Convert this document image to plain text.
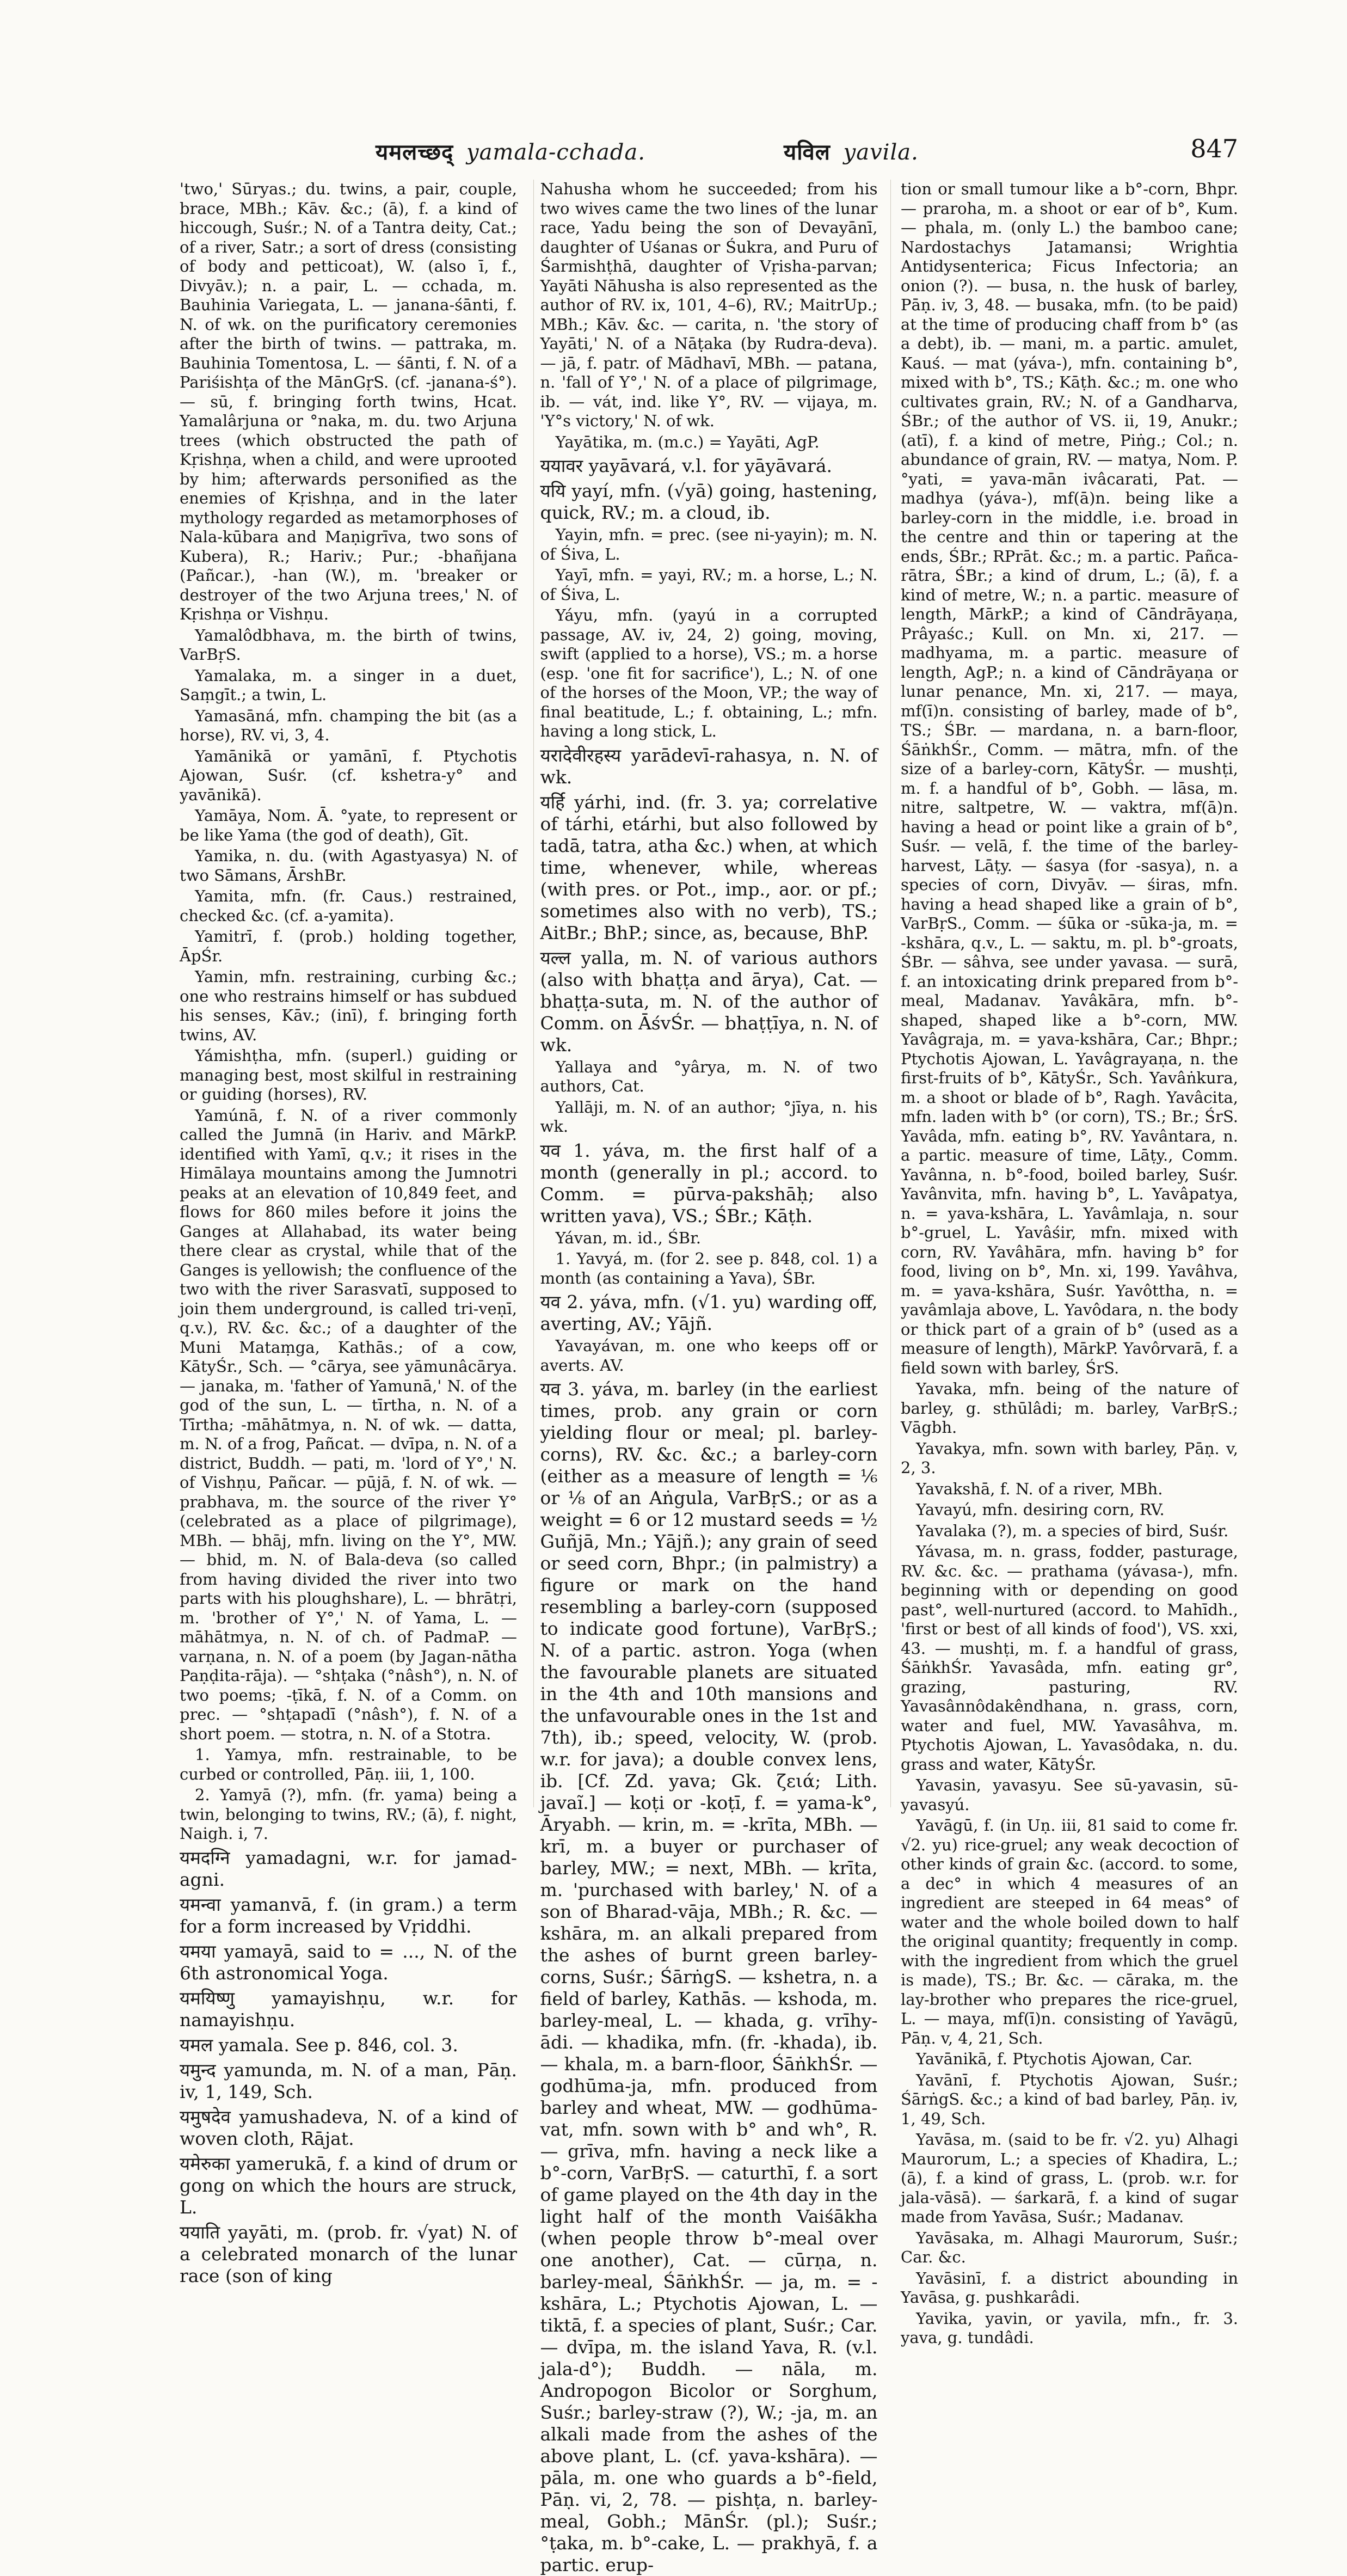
यमलच्छद् yamala-cchada.	यविल yavila.	847

'two,' Sūryas.; du. twins, a pair, couple, brace, MBh.; Kāv. &c.; (ā), f. a kind of hiccough, Suśr.; N. of a Tantra deity, Cat.; of a river, Satr.; a sort of dress (consisting of body and petticoat), W. (also ī, f., Divyāv.); n. a pair, L. — cchada, m. Bauhinia Variegata, L. — janana-śānti, f. N. of wk. on the purificatory ceremonies after the birth of twins. — pattraka, m. Bauhinia Tomentosa, L. — śānti, f. N. of a Pariśishṭa of the MānGṛS. (cf. -janana-ś°). — sū, f. bringing forth twins, Hcat. Yamalârjuna or °naka, m. du. two Arjuna trees (which obstructed the path of Kṛishṇa, when a child, and were uprooted by him; afterwards personified as the enemies of Kṛishṇa, and in the later mythology regarded as metamorphoses of Nala-kūbara and Maṇigrīva, two sons of Kubera), R.; Hariv.; Pur.; -bhañjana (Pañcar.), -han (W.), m. 'breaker or destroyer of the two Arjuna trees,' N. of Kṛishṇa or Vishṇu.

Yamalôdbhava, m. the birth of twins, VarBṛS.

Yamalaka, m. a singer in a duet, Saṃgīt.; a twin, L.

Yamasāná, mfn. champing the bit (as a horse), RV. vi, 3, 4.

Yamānikā or yamānī, f. Ptychotis Ajowan, Suśr. (cf. kshetra-y° and yavānikā).

Yamāya, Nom. Ā. °yate, to represent or be like Yama (the god of death), Gīt.

Yamika, n. du. (with Agastyasya) N. of two Sāmans, ĀrshBr.

Yamita, mfn. (fr. Caus.) restrained, checked &c. (cf. a-yamita).

Yamitrī, f. (prob.) holding together, ĀpŚr.

Yamin, mfn. restraining, curbing &c.; one who restrains himself or has subdued his senses, Kāv.; (inī), f. bringing forth twins, AV.

Yámishṭha, mfn. (superl.) guiding or managing best, most skilful in restraining or guiding (horses), RV.

Yamúnā, f. N. of a river commonly called the Jumnā (in Hariv. and MārkP. identified with Yamī, q.v.; it rises in the Himālaya mountains among the Jumnotri peaks at an elevation of 10,849 feet, and flows for 860 miles before it joins the Ganges at Allahabad, its water being there clear as crystal, while that of the Ganges is yellowish; the confluence of the two with the river Sarasvatī, supposed to join them underground, is called tri-veṇī, q.v.), RV. &c. &c.; of a daughter of the Muni Mataṃga, Kathās.; of a cow, KātyŚr., Sch. — °cārya, see yāmunâcārya. — janaka, m. 'father of Yamunā,' N. of the god of the sun, L. — tīrtha, n. N. of a Tīrtha; -māhātmya, n. N. of wk. — datta, m. N. of a frog, Pañcat. — dvīpa, n. N. of a district, Buddh. — pati, m. 'lord of Y°,' N. of Vishṇu, Pañcar. — pūjā, f. N. of wk. — prabhava, m. the source of the river Y° (celebrated as a place of pilgrimage), MBh. — bhāj, mfn. living on the Y°, MW. — bhid, m. N. of Bala-deva (so called from having divided the river into two parts with his ploughshare), L. — bhrātṛi, m. 'brother of Y°,' N. of Yama, L. — māhātmya, n. N. of ch. of PadmaP. — varṇana, n. N. of a poem (by Jagan-nātha Paṇḍita-rāja). — °shṭaka (°nâsh°), n. N. of two poems; -ṭīkā, f. N. of a Comm. on prec. — °shṭapadī (°nâsh°), f. N. of a short poem. — stotra, n. N. of a Stotra.

1. Yamya, mfn. restrainable, to be curbed or controlled, Pāṇ. iii, 1, 100.

2. Yamyā (?), mfn. (fr. yama) being a twin, belonging to twins, RV.; (ā), f. night, Naigh. i, 7.

यमदग्नि yamadagni, w.r. for jamad-agni.

यमन्वा yamanvā, f. (in gram.) a term for a form increased by Vṛiddhi.

यमया yamayā, said to = ..., N. of the 6th astronomical Yoga.

यमयिष्णु yamayishṇu, w.r. for namayishṇu.

यमल yamala. See p. 846, col. 3.

यमुन्द yamunda, m. N. of a man, Pāṇ. iv, 1, 149, Sch.

यमुषदेव yamushadeva, N. of a kind of woven cloth, Rājat.

यमेरुका yamerukā, f. a kind of drum or gong on which the hours are struck, L.

ययाति yayāti, m. (prob. fr. √yat) N. of a celebrated monarch of the lunar race (son of king

Nahusha whom he succeeded; from his two wives came the two lines of the lunar race, Yadu being the son of Devayānī, daughter of Uśanas or Śukra, and Puru of Śarmishṭhā, daughter of Vṛisha-parvan; Yayāti Nāhusha is also represented as the author of RV. ix, 101, 4–6), RV.; MaitrUp.; MBh.; Kāv. &c. — carita, n. 'the story of Yayāti,' N. of a Nāṭaka (by Rudra-deva). — jā, f. patr. of Mādhavī, MBh. — patana, n. 'fall of Y°,' N. of a place of pilgrimage, ib. — vát, ind. like Y°, RV. — vijaya, m. 'Y°s victory,' N. of wk.

Yayātika, m. (m.c.) = Yayāti, AgP.

ययावर yayāvará, v.l. for yāyāvará.

ययि yayí, mfn. (√yā) going, hastening, quick, RV.; m. a cloud, ib.

Yayin, mfn. = prec. (see ni-yayin); m. N. of Śiva, L.

Yayī, mfn. = yayi, RV.; m. a horse, L.; N. of Śiva, L.

Yáyu, mfn. (yayú in a corrupted passage, AV. iv, 24, 2) going, moving, swift (applied to a horse), VS.; m. a horse (esp. 'one fit for sacrifice'), L.; N. of one of the horses of the Moon, VP.; the way of final beatitude, L.; f. obtaining, L.; mfn. having a long stick, L.

यरादेवीरहस्य yarādevī-rahasya, n. N. of wk.

यर्हि yárhi, ind. (fr. 3. ya; correlative of tárhi, etárhi, but also followed by tadā, tatra, atha &c.) when, at which time, whenever, while, whereas (with pres. or Pot., imp., aor. or pf.; sometimes also with no verb), TS.; AitBr.; BhP.; since, as, because, BhP.

यल्ल yalla, m. N. of various authors (also with bhaṭṭa and ārya), Cat. — bhaṭṭa-suta, m. N. of the author of Comm. on ĀśvŚr. — bhaṭṭīya, n. N. of wk.

Yallaya and °yârya, m. N. of two authors, Cat.

Yallāji, m. N. of an author; °jīya, n. his wk.

यव 1. yáva, m. the first half of a month (generally in pl.; accord. to Comm. = pūrva-pakshāḥ; also written yava), VS.; ŚBr.; Kāṭh.

Yávan, m. id., ŚBr.

1. Yavyá, m. (for 2. see p. 848, col. 1) a month (as containing a Yava), ŚBr.

यव 2. yáva, mfn. (√1. yu) warding off, averting, AV.; Yājñ.

Yavayávan, m. one who keeps off or averts. AV.

यव 3. yáva, m. barley (in the earliest times, prob. any grain or corn yielding flour or meal; pl. barley-corns), RV. &c. &c.; a barley-corn (either as a measure of length = ⅙ or ⅛ of an Aṅgula, VarBṛS.; or as a weight = 6 or 12 mustard seeds = ½ Guñjā, Mn.; Yājñ.); any grain of seed or seed corn, Bhpr.; (in palmistry) a figure or mark on the hand resembling a barley-corn (supposed to indicate good fortune), VarBṛS.; N. of a partic. astron. Yoga (when the favourable planets are situated in the 4th and 10th mansions and the unfavourable ones in the 1st and 7th), ib.; speed, velocity, W. (prob. w.r. for java); a double convex lens, ib. [Cf. Zd. yava; Gk. ζειά; Lith. javaĩ.] — koṭi or -koṭī, f. = yama-k°, Āryabh. — krin, m. = -krīta, MBh. — krī, m. a buyer or purchaser of barley, MW.; = next, MBh. — krīta, m. 'purchased with barley,' N. of a son of Bharad-vāja, MBh.; R. &c. — kshāra, m. an alkali prepared from the ashes of burnt green barley-corns, Suśr.; ŚārṅgS. — kshetra, n. a field of barley, Kathās. — kshoda, m. barley-meal, L. — khada, g. vrīhy-ādi. — khadika, mfn. (fr. -khada), ib. — khala, m. a barn-floor, ŚāṅkhŚr. — godhūma-ja, mfn. produced from barley and wheat, MW. — godhūma-vat, mfn. sown with b° and wh°, R. — grīva, mfn. having a neck like a b°-corn, VarBṛS. — caturthī, f. a sort of game played on the 4th day in the light half of the month Vaiśākha (when people throw b°-meal over one another), Cat. — cūrṇa, n. barley-meal, ŚāṅkhŚr. — ja, m. = -kshāra, L.; Ptychotis Ajowan, L. — tiktā, f. a species of plant, Suśr.; Car. — dvīpa, m. the island Yava, R. (v.l. jala-d°); Buddh. — nāla, m. Andropogon Bicolor or Sorghum, Suśr.; barley-straw (?), W.; -ja, m. an alkali made from the ashes of the above plant, L. (cf. yava-kshāra). — pāla, m. one who guards a b°-field, Pāṇ. vi, 2, 78. — pishṭa, n. barley-meal, Gobh.; MānŚr. (pl.); Suśr.; °ṭaka, m. b°-cake, L. — prakhyā, f. a partic. erup-

tion or small tumour like a b°-corn, Bhpr. — praroha, m. a shoot or ear of b°, Kum. — phala, m. (only L.) the bamboo cane; Nardostachys Jatamansi; Wrightia Antidysenterica; Ficus Infectoria; an onion (?). — busa, n. the husk of barley, Pāṇ. iv, 3, 48. — busaka, mfn. (to be paid) at the time of producing chaff from b° (as a debt), ib. — mani, m. a partic. amulet, Kauś. — mat (yáva-), mfn. containing b°, mixed with b°, TS.; Kāṭh. &c.; m. one who cultivates grain, RV.; N. of a Gandharva, ŚBr.; of the author of VS. ii, 19, Anukr.; (atī), f. a kind of metre, Piṅg.; Col.; n. abundance of grain, RV. — matya, Nom. P. °yati, = yava-mān ivâcarati, Pat. — madhya (yáva-), mf(ā)n. being like a barley-corn in the middle, i.e. broad in the centre and thin or tapering at the ends, ŚBr.; RPrāt. &c.; m. a partic. Pañca-rātra, ŚBr.; a kind of drum, L.; (ā), f. a kind of metre, W.; n. a partic. measure of length, MārkP.; a kind of Cāndrāyaṇa, Prâyaśc.; Kull. on Mn. xi, 217. — madhyama, m. a partic. measure of length, AgP.; n. a kind of Cāndrāyaṇa or lunar penance, Mn. xi, 217. — maya, mf(ī)n. consisting of barley, made of b°, TS.; ŚBr. — mardana, n. a barn-floor, ŚāṅkhŚr., Comm. — mātra, mfn. of the size of a barley-corn, KātyŚr. — mushṭi, m. f. a handful of b°, Gobh. — lāsa, m. nitre, saltpetre, W. — vaktra, mf(ā)n. having a head or point like a grain of b°, Suśr. — velā, f. the time of the barley-harvest, Lāṭy. — śasya (for -sasya), n. a species of corn, Divyāv. — śiras, mfn. having a head shaped like a grain of b°, VarBṛS., Comm. — śūka or -sūka-ja, m. = -kshāra, q.v., L. — saktu, m. pl. b°-groats, ŚBr. — sâhva, see under yavasa. — surā, f. an intoxicating drink prepared from b°-meal, Madanav. Yavâkāra, mfn. b°-shaped, shaped like a b°-corn, MW. Yavâgraja, m. = yava-kshāra, Car.; Bhpr.; Ptychotis Ajowan, L. Yavâgrayaṇa, n. the first-fruits of b°, KātyŚr., Sch. Yavâṅkura, m. a shoot or blade of b°, Ragh. Yavâcita, mfn. laden with b° (or corn), TS.; Br.; ŚrS. Yavâda, mfn. eating b°, RV. Yavântara, n. a partic. measure of time, Lāṭy., Comm. Yavânna, n. b°-food, boiled barley, Suśr. Yavânvita, mfn. having b°, L. Yavâpatya, n. = yava-kshāra, L. Yavâmlaja, n. sour b°-gruel, L. Yavâśir, mfn. mixed with corn, RV. Yavâhāra, mfn. having b° for food, living on b°, Mn. xi, 199. Yavâhva, m. = yava-kshāra, Suśr. Yavôttha, n. = yavâmlaja above, L. Yavôdara, n. the body or thick part of a grain of b° (used as a measure of length), MārkP. Yavôrvarā, f. a field sown with barley, ŚrS.

Yavaka, mfn. being of the nature of barley, g. sthūlâdi; m. barley, VarBṛS.; Vāgbh.

Yavakya, mfn. sown with barley, Pāṇ. v, 2, 3.

Yavakshā, f. N. of a river, MBh.

Yavayú, mfn. desiring corn, RV.

Yavalaka (?), m. a species of bird, Suśr.

Yávasa, m. n. grass, fodder, pasturage, RV. &c. &c. — prathama (yávasa-), mfn. beginning with or depending on good past°, well-nurtured (accord. to Mahīdh., 'first or best of all kinds of food'), VS. xxi, 43. — mushṭi, m. f. a handful of grass, ŚāṅkhŚr. Yavasâda, mfn. eating gr°, grazing, pasturing, RV. Yavasânnôdakêndhana, n. grass, corn, water and fuel, MW. Yavasâhva, m. Ptychotis Ajowan, L. Yavasôdaka, n. du. grass and water, KātyŚr.

Yavasin, yavasyu. See sū-yavasin, sū-yavasyú.

Yavāgū, f. (in Uṇ. iii, 81 said to come fr. √2. yu) rice-gruel; any weak decoction of other kinds of grain &c. (accord. to some, a dec° in which 4 measures of an ingredient are steeped in 64 meas° of water and the whole boiled down to half the original quantity; frequently in comp. with the ingredient from which the gruel is made), TS.; Br. &c. — cāraka, m. the lay-brother who prepares the rice-gruel, L. — maya, mf(ī)n. consisting of Yavāgū, Pāṇ. v, 4, 21, Sch.

Yavānikā, f. Ptychotis Ajowan, Car.

Yavānī, f. Ptychotis Ajowan, Suśr.; ŚārṅgS. &c.; a kind of bad barley, Pāṇ. iv, 1, 49, Sch.

Yavāsa, m. (said to be fr. √2. yu) Alhagi Maurorum, L.; a species of Khadira, L.; (ā), f. a kind of grass, L. (prob. w.r. for jala-vāsā). — śarkarā, f. a kind of sugar made from Yavāsa, Suśr.; Madanav.

Yavāsaka, m. Alhagi Maurorum, Suśr.; Car. &c.

Yavāsinī, f. a district abounding in Yavāsa, g. pushkarâdi.

Yavika, yavin, or yavila, mfn., fr. 3. yava, g. tundâdi.
